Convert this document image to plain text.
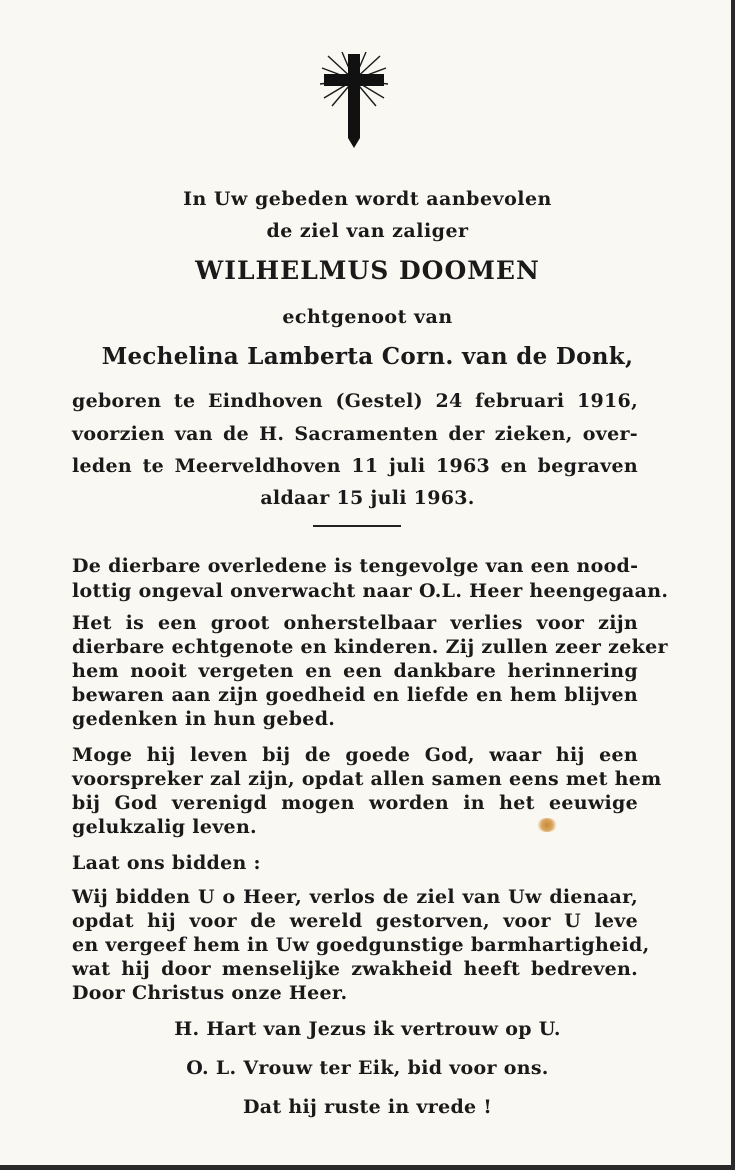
In Uw gebeden wordt aanbevolen
de ziel van zaliger
WILHELMUS DOOMEN
echtgenoot van
Mechelina Lamberta Corn. van de Donk,
geboren te Eindhoven (Gestel) 24 februari 1916,
voorzien van de H. Sacramenten der zieken, over-
leden te Meerveldhoven 11 juli 1963 en begraven
aldaar 15 juli 1963.
De dierbare overledene is tengevolge van een nood-
lottig ongeval onverwacht naar O.L. Heer heengegaan.
Het is een groot onherstelbaar verlies voor zijn
dierbare echtgenote en kinderen. Zij zullen zeer zeker
hem nooit vergeten en een dankbare herinnering
bewaren aan zijn goedheid en liefde en hem blijven
gedenken in hun gebed.
Moge hij leven bij de goede God, waar hij een
voorspreker zal zijn, opdat allen samen eens met hem
bij God verenigd mogen worden in het eeuwige
gelukzalig leven.
Laat ons bidden :
Wij bidden U o Heer, verlos de ziel van Uw dienaar,
opdat hij voor de wereld gestorven, voor U leve
en vergeef hem in Uw goedgunstige barmhartigheid,
wat hij door menselijke zwakheid heeft bedreven.
Door Christus onze Heer.
H. Hart van Jezus ik vertrouw op U.
O. L. Vrouw ter Eik, bid voor ons.
Dat hij ruste in vrede !
